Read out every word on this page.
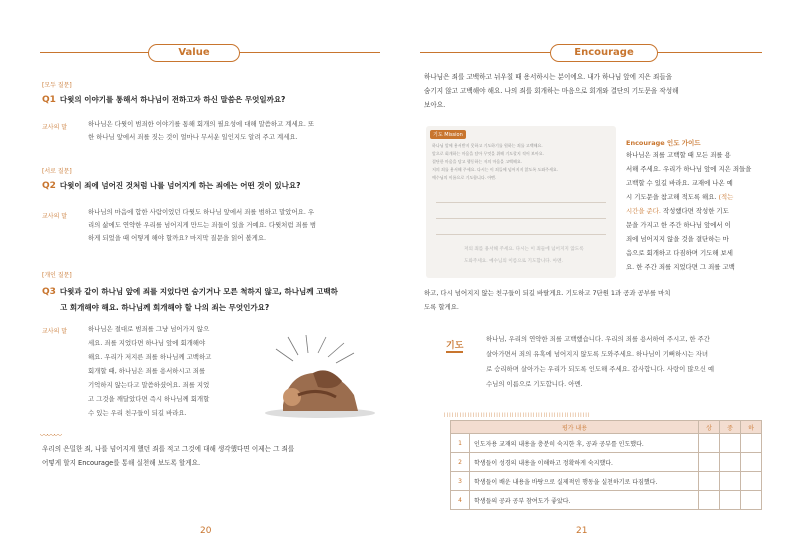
Value
[모두 질문]
Q1 다윗의 이야기를 통해서 하나님이 전하고자 하신 말씀은 무엇일까요?
교사의 말	하나님은 다윗이 범죄한 이야기를 통해 회개의 필요성에 대해 말씀하고 계세요. 또
한 하나님 앞에서 죄를 짓는 것이 얼마나 무서운 일인지도 알려 주고 계세요.
[서로 질문]
Q2 다윗이 죄에 넘어진 것처럼 나를 넘어지게 하는 죄에는 어떤 것이 있나요?
교사의 말
하나님의 마음에 합한 사람이었던 다윗도 하나님 앞에서 죄를 범하고 말았어요. 우
리의 삶에도 연약한 우리를 넘어지게 만드는 죄들이 있을 거예요. 다윗처럼 죄를 범
하게 되었을 때 어떻게 해야 할까요? 마지막 질문을 읽어 볼게요.
[개인 질문]
Q3 다윗과 같이 하나님 앞에 죄를 지었다면 숨기거나 모른 척하지 않고, 하나님께 고백하
고 회개해야 해요. 하나님께 회개해야 할 나의 죄는 무엇인가요?
교사의 말	하나님은 절대로 범죄를 그냥 넘어가지 않으
세요. 죄를 지었다면 하나님 앞에 회개해야
해요. 우리가 저지른 죄를 하나님께 고백하고
회개할 때, 하나님은 죄를 용서하시고 죄를
기억하지 않는다고 말씀하셨어요. 죄를 지었
고 그것을 깨달았다면 즉시 하나님께 회개할
수 있는 우리 친구들이 되길 바라요.
〰〰〰
우리의 은밀한 죄, 나를 넘어지게 했던 죄를 적고 그것에 대해 생각했다면 이제는 그 죄를
어떻게 할지 Encourage를 통해 실천해 보도록 할게요.
20
Encourage
하나님은 죄를 고백하고 뉘우칠 때 용서하시는 분이에요. 내가 하나님 앞에 지은 죄들을
숨기지 않고 고백해야 해요. 나의 죄를 회개하는 마음으로 회개와 결단의 기도문을 작성해
보아요.
기도 Mission
하나님 앞에 용서받지 못하고 기도하기를 원하는 죄를 고백해요.
앞으로 회개하는 마음을 담아 무엇을 위해 기도할지 적어 보아요.
결단한 마음을 담고 행동하는 저의 마음을 고백해요.
저의 죄를 용서해 주세요. 다시는 이 죄들에 넘어지지 않도록 도와주세요.
예수님의 이름으로 기도합니다. 아멘.
저의 죄를 용서해 주세요. 다시는 이 죄들에 넘어지지 않도록
도와주세요. 예수님의 이름으로 기도합니다. 아멘.
Encourage 인도 가이드
하나님은 죄를 고백할 때 모든 죄를 용
서해 주세요. 우리가 하나님 앞에 지은 죄들을
고백할 수 있길 바라요. 교재에 나온 예
시 기도문을 참고해 적도록 해요. (적는
시간을 준다. 작성했다면 작성한 기도
문을 가지고 한 주간 하나님 앞에서 이
죄에 넘어지지 않을 것을 결단하는 마
음으로 회개하고 다짐하며 기도해 보세
요. 한 주간 죄를 지었다면 그 죄를 고백
하고, 다시 넘어지지 않는 친구들이 되길 바랄게요. 기도하고 7단원 1과 공과 공부를 마치
도록 할게요.
기도
하나님, 우리의 연약한 죄를 고백했습니다. 우리의 죄를 용서하여 주시고, 한 주간
살아가면서 죄의 유혹에 넘어지지 않도록 도와주세요. 하나님이 기뻐하시는 자녀
로 승리하며 살아가는 우리가 되도록 인도해 주세요. 감사합니다. 사랑이 많으신 예
수님의 이름으로 기도합니다. 아멘.
| | | | | | | | | | | | | | | | | | | | | | | | | | | | | | | | | | | | | | | | | | | | | | | | | | | | | | | |
평가 내용		상	중	하
1	인도자용 교재의 내용을 충분히 숙지한 후, 공과 공부를 인도했다.			
2	학생들이 성경의 내용을 이해하고 정확하게 숙지했다.			
3	학생들이 배운 내용을 바탕으로 실제적인 행동을 실천하기로 다짐했다.			
4	학생들의 공과 공부 참여도가 좋았다.			
21
